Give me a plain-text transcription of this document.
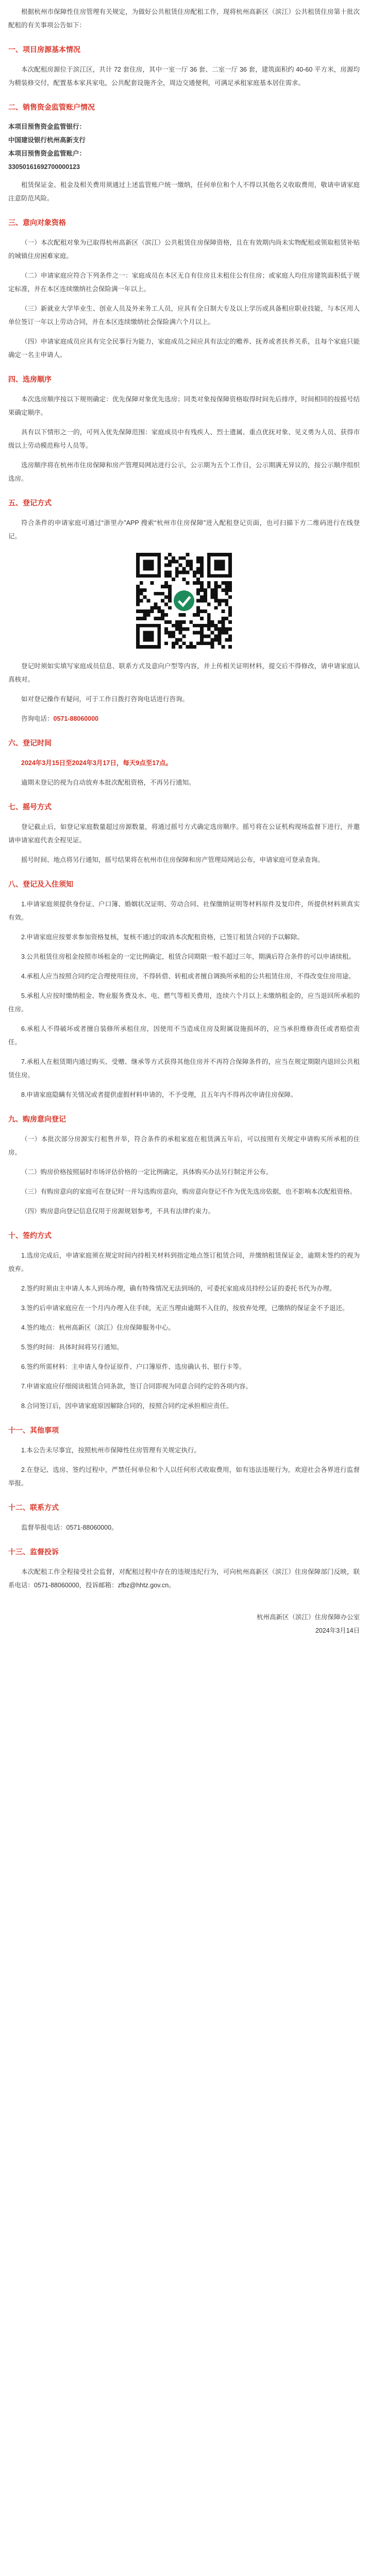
根据杭州市保障性住房管理有关规定，为做好公共租赁住房配租工作，现将杭州高新区（滨江）公共租赁住房第十批次配租的有关事项公告如下：

一、项目房源基本情况

本次配租房源位于滨江区，共计 72 套住房，其中一室一厅 36 套、二室一厅 36 套，建筑面积约 40-60 平方米，房源均为精装修交付，配置基本家具家电，公共配套设施齐全，周边交通便利，可满足承租家庭基本居住需求。

二、销售资金监管账户情况
本项目预售资金监管银行：
中国建设银行杭州高新支行
本项目预售资金监管账户：
33050161692700000123

租赁保证金、租金及相关费用须通过上述监管账户统一缴纳，任何单位和个人不得以其他名义收取费用，敬请申请家庭注意防范风险。

三、意向对象资格

（一）本次配租对象为已取得杭州高新区（滨江）公共租赁住房保障资格，且在有效期内尚未实物配租或领取租赁补贴的城镇住房困难家庭。

（二）申请家庭应符合下列条件之一：家庭成员在本区无自有住房且未租住公有住房；或家庭人均住房建筑面积低于规定标准，并在本区连续缴纳社会保险满一年以上。

（三）新就业大学毕业生、创业人员及外来务工人员，应具有全日制大专及以上学历或具备相应职业技能，与本区用人单位签订一年以上劳动合同，并在本区连续缴纳社会保险满六个月以上。

（四）申请家庭成员应具有完全民事行为能力，家庭成员之间应具有法定的赡养、抚养或者扶养关系，且每个家庭只能确定一名主申请人。

四、选房顺序

本次选房顺序按以下规则确定：优先保障对象优先选房；同类对象按保障资格取得时间先后排序，时间相同的按摇号结果确定顺序。

具有以下情形之一的，可列入优先保障范围：家庭成员中有残疾人、烈士遗属、重点优抚对象、见义勇为人员、获得市级以上劳动模范称号人员等。

选房顺序将在杭州市住房保障和房产管理局网站进行公示，公示期为五个工作日，公示期满无异议的，按公示顺序组织选房。

五、登记方式

符合条件的申请家庭可通过“浙里办”APP 搜索“杭州市住房保障”进入配租登记页面，也可扫描下方二维码进行在线登记。

登记时须如实填写家庭成员信息、联系方式及意向户型等内容，并上传相关证明材料，提交后不得修改，请申请家庭认真核对。

如对登记操作有疑问，可于工作日拨打咨询电话进行咨询。

咨询电话：0571-88060000

六、登记时间

2024年3月15日至2024年3月17日，每天9点至17点。

逾期未登记的视为自动放弃本批次配租资格，不再另行通知。

七、摇号方式

登记截止后，如登记家庭数量超过房源数量，将通过摇号方式确定选房顺序。摇号将在公证机构现场监督下进行，并邀请申请家庭代表全程见证。

摇号时间、地点将另行通知，摇号结果将在杭州市住房保障和房产管理局网站公布，申请家庭可登录查询。

八、登记及入住须知

1.申请家庭须提供身份证、户口簿、婚姻状况证明、劳动合同、社保缴纳证明等材料原件及复印件，所提供材料须真实有效。

2.申请家庭应按要求参加资格复核，复核不通过的取消本次配租资格，已签订租赁合同的予以解除。

3.公共租赁住房租金按照市场租金的一定比例确定，租赁合同期限一般不超过三年，期满后符合条件的可以申请续租。

4.承租人应当按照合同约定合理使用住房，不得转借、转租或者擅自调换所承租的公共租赁住房，不得改变住房用途。

5.承租人应按时缴纳租金、物业服务费及水、电、燃气等相关费用，连续六个月以上未缴纳租金的，应当退回所承租的住房。

6.承租人不得破坏或者擅自装修所承租住房，因使用不当造成住房及附属设施损坏的，应当承担维修责任或者赔偿责任。

7.承租人在租赁期内通过购买、受赠、继承等方式获得其他住房并不再符合保障条件的，应当在规定期限内退回公共租赁住房。

8.申请家庭隐瞒有关情况或者提供虚假材料申请的，不予受理，且五年内不得再次申请住房保障。

九、购房意向登记

（一）本批次部分房源实行租售并举，符合条件的承租家庭在租赁满五年后，可以按照有关规定申请购买所承租的住房。

（二）购房价格按照届时市场评估价格的一定比例确定，具体购买办法另行制定并公布。

（三）有购房意向的家庭可在登记时一并勾选购房意向，购房意向登记不作为优先选房依据，也不影响本次配租资格。

（四）购房意向登记信息仅用于房源规划参考，不具有法律约束力。

十、签约方式

1.选房完成后，申请家庭须在规定时间内持相关材料到指定地点签订租赁合同，并缴纳租赁保证金，逾期未签约的视为放弃。

2.签约时须由主申请人本人到场办理，确有特殊情况无法到场的，可委托家庭成员持经公证的委托书代为办理。

3.签约后申请家庭应在一个月内办理入住手续，无正当理由逾期不入住的，按放弃处理，已缴纳的保证金不予退还。

4.签约地点：杭州高新区（滨江）住房保障服务中心。

5.签约时间：具体时间将另行通知。

6.签约所需材料：主申请人身份证原件、户口簿原件、选房确认书、银行卡等。

7.申请家庭应仔细阅读租赁合同条款，签订合同即视为同意合同约定的各项内容。

8.合同签订后，因申请家庭原因解除合同的，按照合同约定承担相应责任。

十一、其他事项

1.本公告未尽事宜，按照杭州市保障性住房管理有关规定执行。

2.在登记、选房、签约过程中，严禁任何单位和个人以任何形式收取费用，如有违法违规行为，欢迎社会各界进行监督举报。

十二、联系方式

监督举报电话：0571-88060000。

十三、监督投诉

本次配租工作全程接受社会监督，对配租过程中存在的违规违纪行为，可向杭州高新区（滨江）住房保障部门反映，联系电话：0571-88060000，投诉邮箱：zfbz@hhtz.gov.cn。

杭州高新区（滨江）住房保障办公室

2024年3月14日
